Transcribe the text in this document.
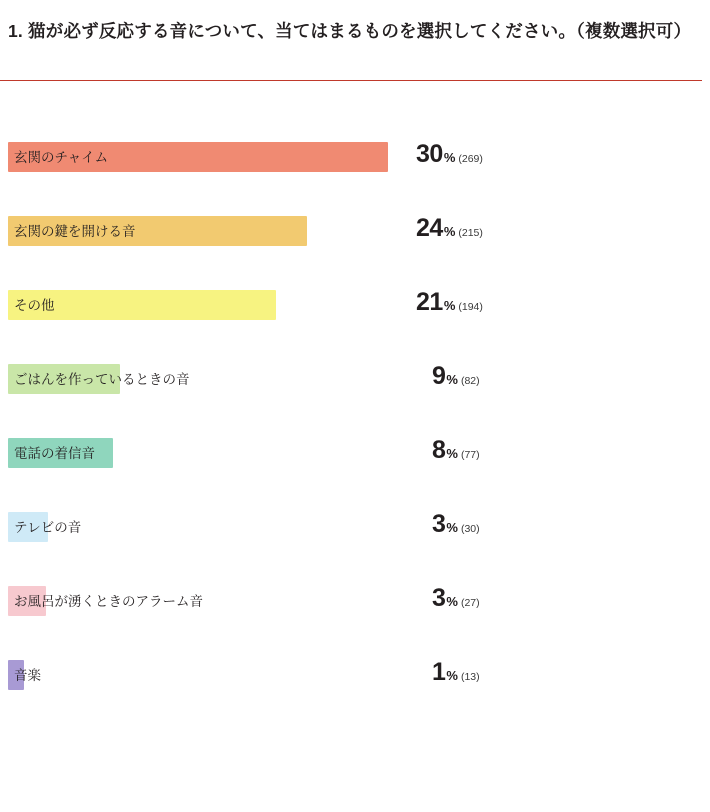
1. 猫が必ず反応する音について、当てはまるものを選択してください。（複数選択可）
玄関のチャイム	30% (269)
玄関の鍵を開ける音	24% (215)
その他	21% (194)
ごはんを作っているときの音	9% (82)
電話の着信音	8% (77)
テレビの音	3% (30)
お風呂が湧くときのアラーム音	3% (27)
音楽	1% (13)
